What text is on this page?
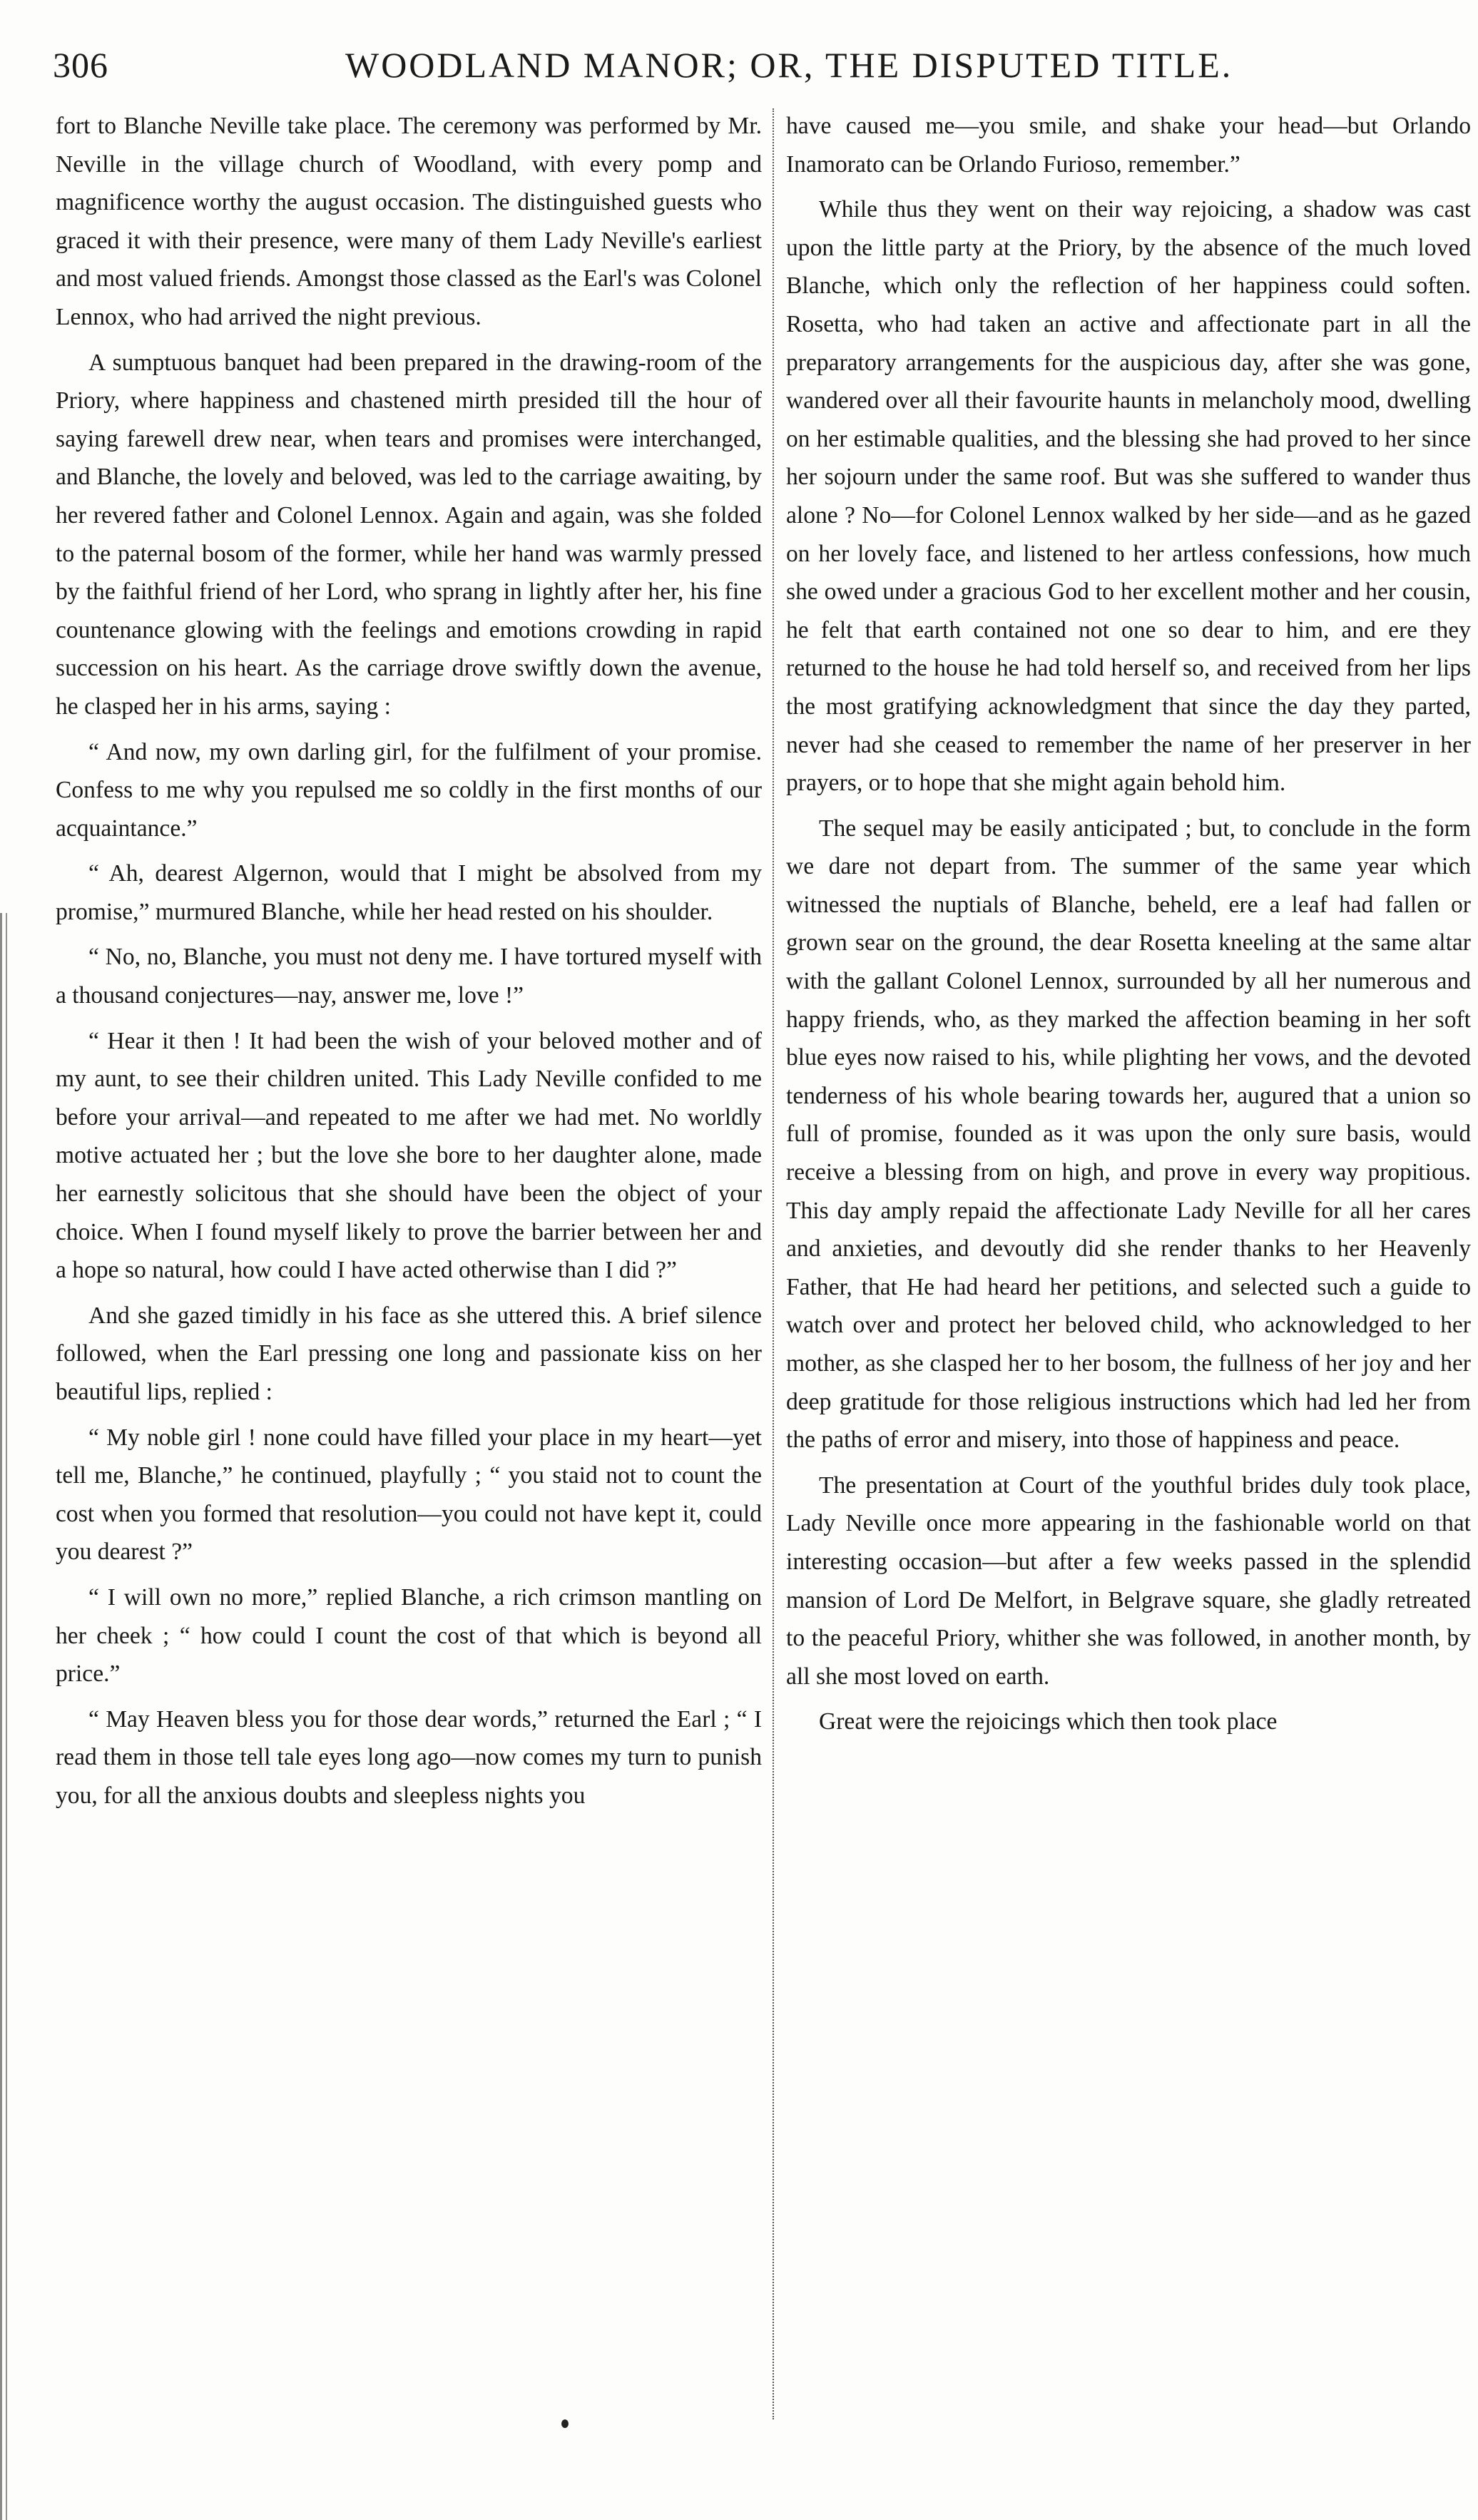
306	WOODLAND MANOR; OR, THE DISPUTED TITLE.

fort to Blanche Neville take place. The ceremony was performed by Mr. Neville in the village church of Woodland, with every pomp and magnificence worthy the august occasion. The distinguished guests who graced it with their presence, were many of them Lady Neville's earliest and most valued friends. Amongst those classed as the Earl's was Colonel Lennox, who had arrived the night previous.

A sumptuous banquet had been prepared in the drawing-room of the Priory, where happiness and chastened mirth presided till the hour of saying farewell drew near, when tears and promises were interchanged, and Blanche, the lovely and beloved, was led to the carriage awaiting, by her revered father and Colonel Lennox. Again and again, was she folded to the paternal bosom of the former, while her hand was warmly pressed by the faithful friend of her Lord, who sprang in lightly after her, his fine countenance glowing with the feelings and emotions crowding in rapid succession on his heart. As the carriage drove swiftly down the avenue, he clasped her in his arms, saying :

“ And now, my own darling girl, for the fulfilment of your promise. Confess to me why you repulsed me so coldly in the first months of our acquaintance.”

“ Ah, dearest Algernon, would that I might be absolved from my promise,” murmured Blanche, while her head rested on his shoulder.

“ No, no, Blanche, you must not deny me. I have tortured myself with a thousand conjectures—nay, answer me, love !”

“ Hear it then ! It had been the wish of your beloved mother and of my aunt, to see their children united. This Lady Neville confided to me before your arrival—and repeated to me after we had met. No worldly motive actuated her ; but the love she bore to her daughter alone, made her earnestly solicitous that she should have been the object of your choice. When I found myself likely to prove the barrier between her and a hope so natural, how could I have acted otherwise than I did ?”

And she gazed timidly in his face as she uttered this. A brief silence followed, when the Earl pressing one long and passionate kiss on her beautiful lips, replied :

“ My noble girl ! none could have filled your place in my heart—yet tell me, Blanche,” he continued, playfully ; “ you staid not to count the cost when you formed that resolution—you could not have kept it, could you dearest ?”

“ I will own no more,” replied Blanche, a rich crimson mantling on her cheek ; “ how could I count the cost of that which is beyond all price.”

“ May Heaven bless you for those dear words,” returned the Earl ; “ I read them in those tell tale eyes long ago—now comes my turn to punish you, for all the anxious doubts and sleepless nights you

have caused me—you smile, and shake your head—but Orlando Inamorato can be Orlando Furioso, remember.”

While thus they went on their way rejoicing, a shadow was cast upon the little party at the Priory, by the absence of the much loved Blanche, which only the reflection of her happiness could soften. Rosetta, who had taken an active and affectionate part in all the preparatory arrangements for the auspicious day, after she was gone, wandered over all their favourite haunts in melancholy mood, dwelling on her estimable qualities, and the blessing she had proved to her since her sojourn under the same roof. But was she suffered to wander thus alone ? No—for Colonel Lennox walked by her side—and as he gazed on her lovely face, and listened to her artless confessions, how much she owed under a gracious God to her excellent mother and her cousin, he felt that earth contained not one so dear to him, and ere they returned to the house he had told herself so, and received from her lips the most gratifying acknowledgment that since the day they parted, never had she ceased to remember the name of her preserver in her prayers, or to hope that she might again behold him.

The sequel may be easily anticipated ; but, to conclude in the form we dare not depart from. The summer of the same year which witnessed the nuptials of Blanche, beheld, ere a leaf had fallen or grown sear on the ground, the dear Rosetta kneeling at the same altar with the gallant Colonel Lennox, surrounded by all her numerous and happy friends, who, as they marked the affection beaming in her soft blue eyes now raised to his, while plighting her vows, and the devoted tenderness of his whole bearing towards her, augured that a union so full of promise, founded as it was upon the only sure basis, would receive a blessing from on high, and prove in every way propitious. This day amply repaid the affectionate Lady Neville for all her cares and anxieties, and devoutly did she render thanks to her Heavenly Father, that He had heard her petitions, and selected such a guide to watch over and protect her beloved child, who acknowledged to her mother, as she clasped her to her bosom, the fullness of her joy and her deep gratitude for those religious instructions which had led her from the paths of error and misery, into those of happiness and peace.

The presentation at Court of the youthful brides duly took place, Lady Neville once more appearing in the fashionable world on that interesting occasion—but after a few weeks passed in the splendid mansion of Lord De Melfort, in Belgrave square, she gladly retreated to the peaceful Priory, whither she was followed, in another month, by all she most loved on earth.

Great were the rejoicings which then took place
